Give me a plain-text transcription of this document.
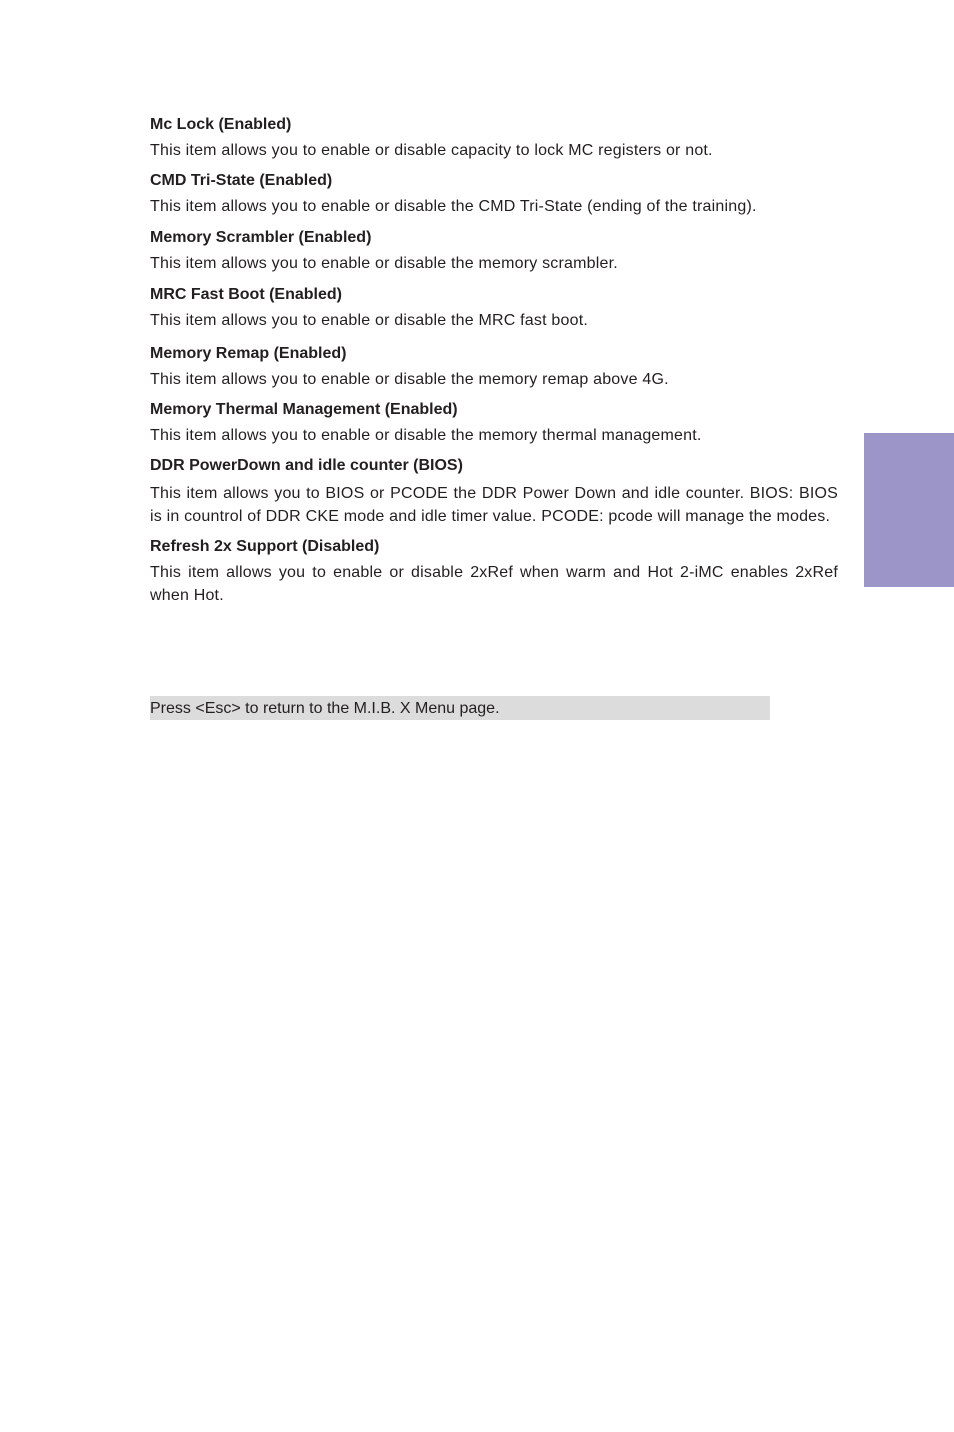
Mc Lock (Enabled)

This item allows you to enable or disable capacity to lock MC registers or not.

CMD Tri-State (Enabled)

This item allows you to enable or disable the CMD Tri-State (ending of the training).

Memory Scrambler (Enabled)

This item allows you to enable or disable the memory scrambler.

MRC Fast Boot (Enabled)

This item allows you to enable or disable the MRC fast boot.

Memory Remap (Enabled)

This item allows you to enable or disable the memory remap above 4G.

Memory Thermal Management (Enabled)

This item allows you to enable or disable the memory thermal management.

DDR PowerDown and idle counter (BIOS)

This item allows you to BIOS or PCODE the DDR Power Down and idle counter. BIOS: BIOS is in countrol of DDR CKE mode and idle timer value. PCODE: pcode will manage the modes.

Refresh 2x Support (Disabled)

This item allows you to enable or disable 2xRef when warm and Hot 2-iMC enables 2xRef when Hot.

Press <Esc> to return to the M.I.B. X Menu page.
